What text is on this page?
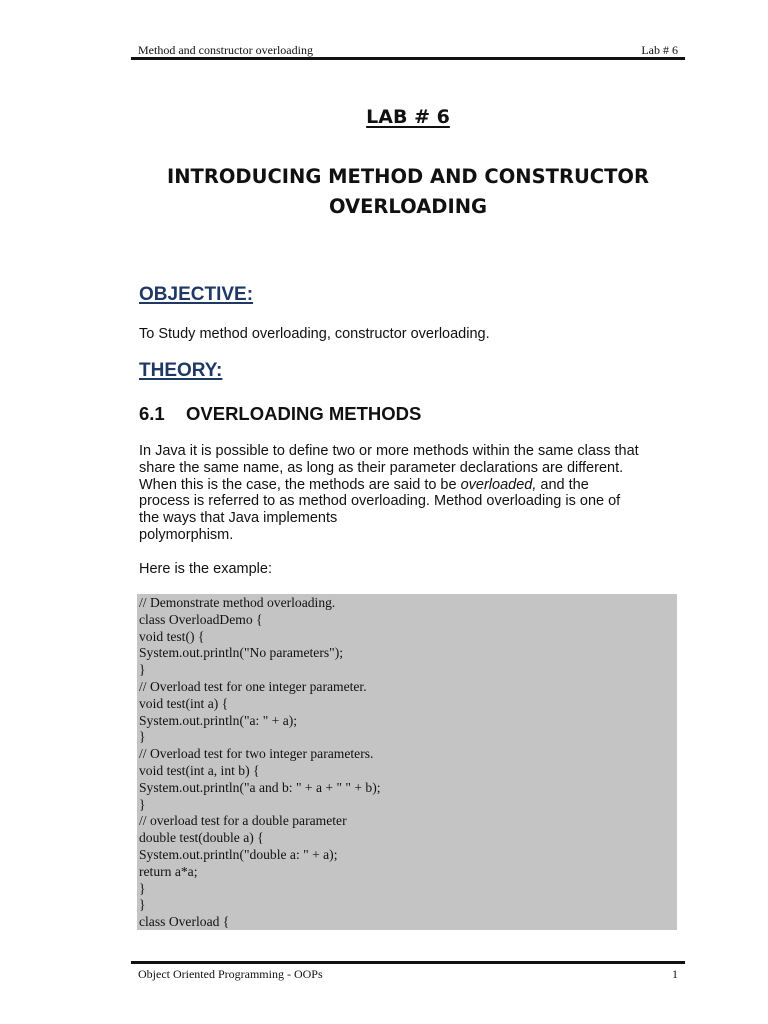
Method and constructor overloading	Lab # 6
LAB # 6
INTRODUCING METHOD AND CONSTRUCTOR
OVERLOADING
OBJECTIVE:
To Study method overloading, constructor overloading.
THEORY:
6.1 OVERLOADING METHODS
In Java it is possible to define two or more methods within the same class that
share the same name, as long as their parameter declarations are different.
When this is the case, the methods are said to be overloaded, and the
process is referred to as method overloading. Method overloading is one of
the ways that Java implements
polymorphism.
Here is the example:
// Demonstrate method overloading.
class OverloadDemo {
void test() {
System.out.println("No parameters");
}
// Overload test for one integer parameter.
void test(int a) {
System.out.println("a: " + a);
}
// Overload test for two integer parameters.
void test(int a, int b) {
System.out.println("a and b: " + a + " " + b);
}
// overload test for a double parameter
double test(double a) {
System.out.println("double a: " + a);
return a*a;
}
}
class Overload {
Object Oriented Programming - OOPs	1
